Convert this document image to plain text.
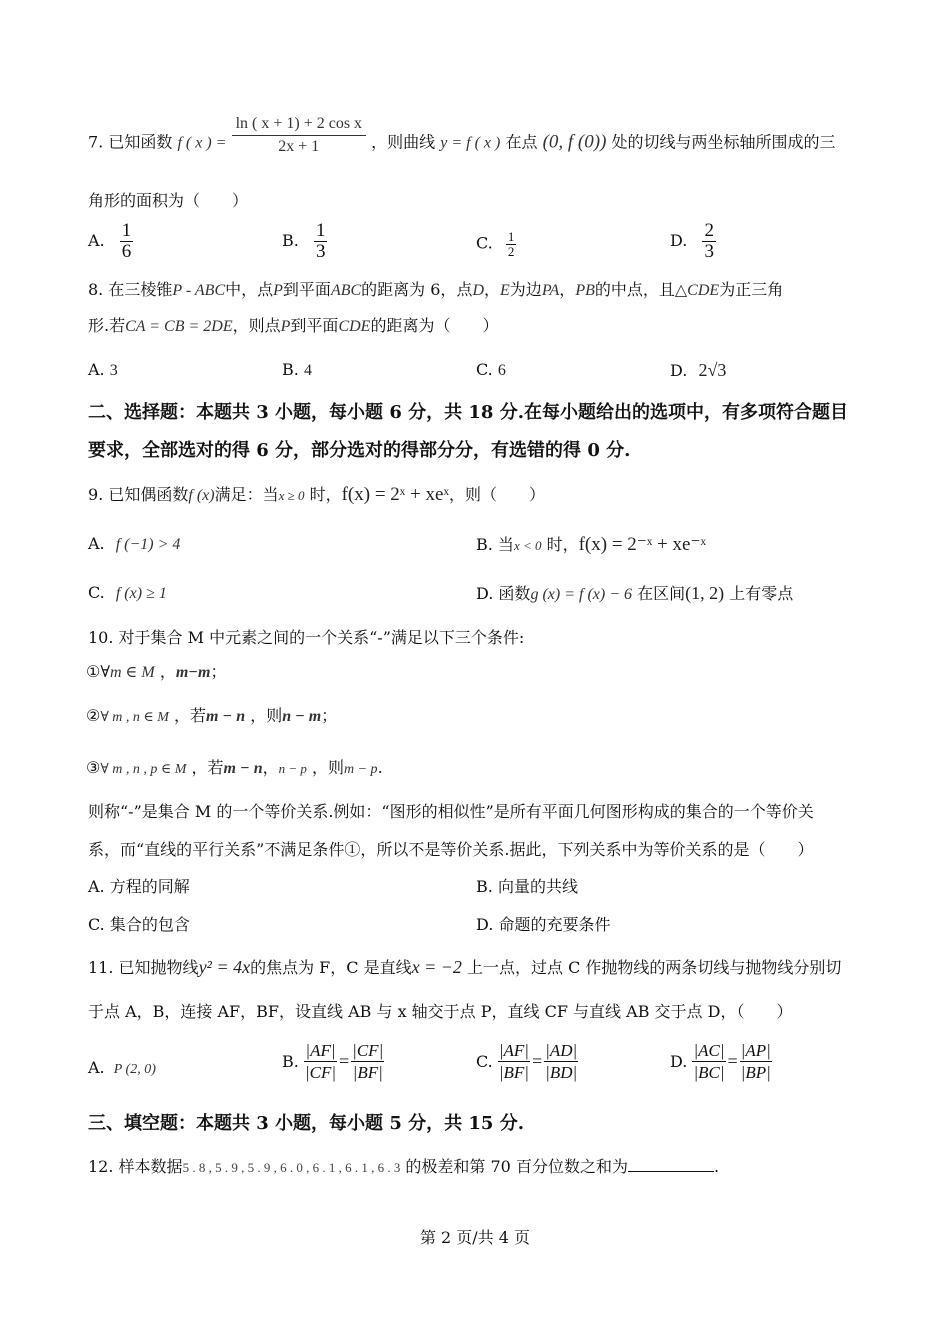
7. 已知函数 f ( x ) = $\frac{\text{ln ( x + 1) + 2 cos x}}{2x + 1}$ ，则曲线 y = f ( x ) 在点 (0, f (0)) 处的切线与两坐标轴所围成的三
角形的面积为（　　）
A. $\frac{1}{6}$	B. $\frac{1}{3}$	C. $\frac{1}{2}$	D. $\frac{2}{3}$
8. 在三棱锥P - ABC中，点P到平面ABC的距离为 6，点D，E为边PA，PB的中点，且△CDE为正三角
形.若CA = CB = 2DE，则点P到平面CDE的距离为（　　）
A. 3	B. 4	C. 6	D. 2√3
二、选择题：本题共 3 小题，每小题 6 分，共 18 分.在每小题给出的选项中，有多项符合题目
要求，全部选对的得 6 分，部分选对的得部分分，有选错的得 0 分.
9. 已知偶函数f (x)满足：当x ≥ 0 时，f(x) = 2ˣ + xeˣ，则（　　）
A. f (−1) > 4	B. 当x < 0 时，f(x) = 2⁻ˣ + xe⁻ˣ
C. f (x) ≥ 1	D. 函数g (x) = f (x) − 6 在区间(1, 2) 上有零点
10. 对于集合 M 中元素之间的一个关系“-”满足以下三个条件:
①∀m ∈ M ，m−m；
②∀ m , n ∈ M ，若m − n ，则n − m；
③∀ m , n , p ∈ M ，若m − n，n − p ，则m − p.
则称“-”是集合 M 的一个等价关系.例如：“图形的相似性”是所有平面几何图形构成的集合的一个等价关
系，而“直线的平行关系”不满足条件①，所以不是等价关系.据此，下列关系中为等价关系的是（　　）
A. 方程的同解	B. 向量的共线
C. 集合的包含	D. 命题的充要条件
11. 已知抛物线y² = 4x的焦点为 F，C 是直线x = −2 上一点，过点 C 作抛物线的两条切线与抛物线分别切
于点 A，B，连接 AF，BF，设直线 AB 与 x 轴交于点 P，直线 CF 与直线 AB 交于点 D，（　　）
A. P (2, 0)	B. $\frac{|AF|}{|CF|} = \frac{|CF|}{|BF|}$	C. $\frac{|AF|}{|BF|} = \frac{|AD|}{|BD|}$	D. $\frac{|AC|}{|BC|} = \frac{|AP|}{|BP|}$
三、填空题：本题共 3 小题，每小题 5 分，共 15 分.
12. 样本数据5 . 8 , 5 . 9 , 5 . 9 , 6 . 0 , 6 . 1 , 6 . 1 , 6 . 3 的极差和第 70 百分位数之和为	.
第 2 页/共 4 页
